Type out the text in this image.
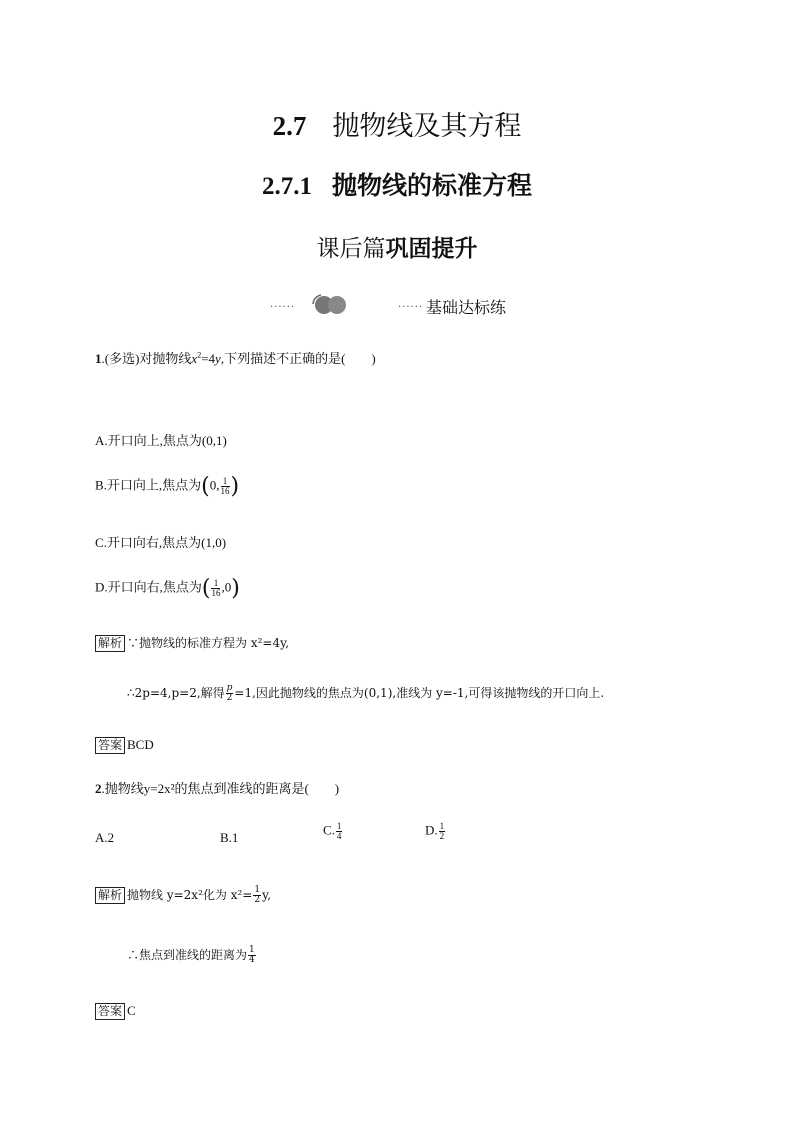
2.7 抛物线及其方程
2.7.1 抛物线的标准方程
课后篇巩固提升
······	······ 基础达标练
1.(多选)对抛物线$x^2=4y$,下列描述不正确的是(　　)
A.开口向上,焦点为(0,1)
B.开口向上,焦点为(0, $\frac{1}{16}$ )
C.开口向右,焦点为(1,0)
D.开口向右,焦点为( $\frac{1}{16} ,0$)
解析 ∵抛物线的标准方程为 x²=4y,
∴2p=4,p=2,解得 $\frac{p}{2} =1$,因此抛物线的焦点为(0,1),准线为 y=-1,可得该抛物线的开口向上.
答案 BCD
2.抛物线y=2x²的焦点到准线的距离是(　　)
A.2	B.1
C. $\frac{1}{4}$	D. $\frac{1}{2}$
解析 抛物线 y=2x²化为 $x^2= \frac{1}{2} y$,
∴焦点到准线的距离为 $\frac{1}{4}$
答案 C
